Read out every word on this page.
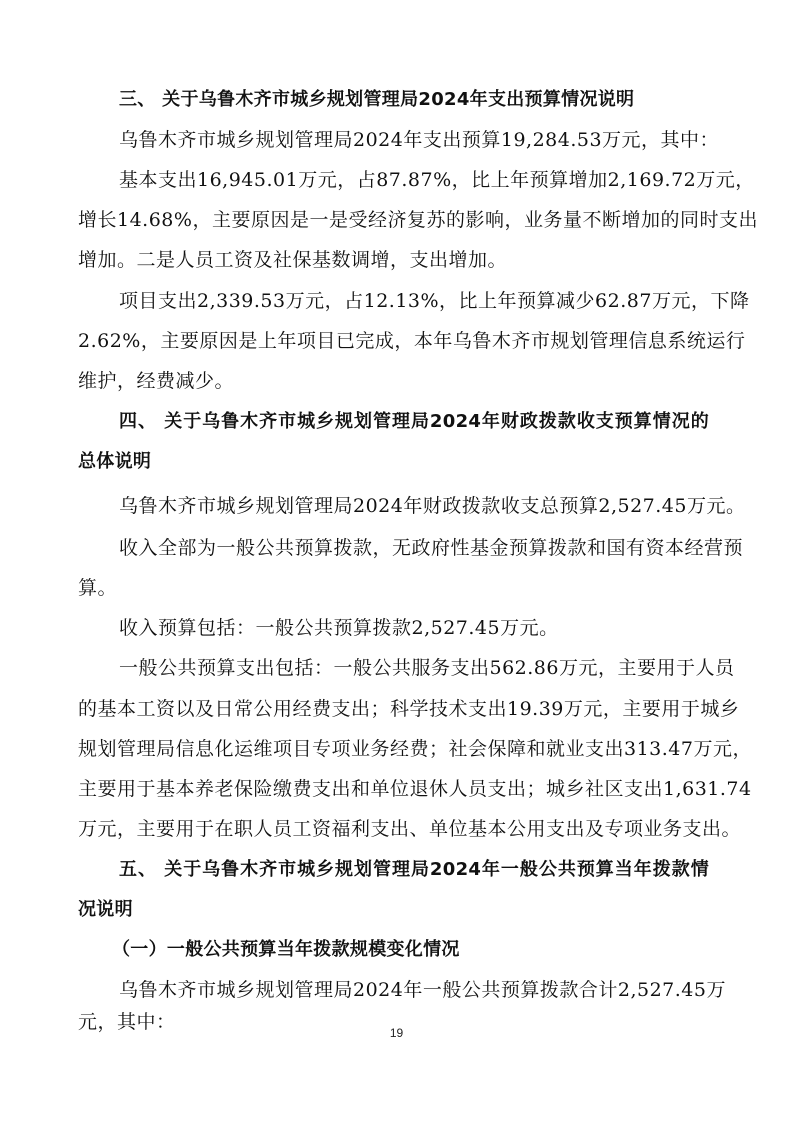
三、 关于乌鲁木齐市城乡规划管理局2024年支出预算情况说明
乌鲁木齐市城乡规划管理局2024年支出预算19,284.53万元，其中：
基本支出16,945.01万元，占87.87%，比上年预算增加2,169.72万元，
增长14.68%，主要原因是一是受经济复苏的影响，业务量不断增加的同时支出
增加。二是人员工资及社保基数调增，支出增加。
项目支出2,339.53万元，占12.13%，比上年预算减少62.87万元，下降
2.62%，主要原因是上年项目已完成，本年乌鲁木齐市规划管理信息系统运行
维护，经费减少。
四、 关于乌鲁木齐市城乡规划管理局2024年财政拨款收支预算情况的
总体说明
乌鲁木齐市城乡规划管理局2024年财政拨款收支总预算2,527.45万元。
收入全部为一般公共预算拨款，无政府性基金预算拨款和国有资本经营预
算。
收入预算包括：一般公共预算拨款2,527.45万元。
一般公共预算支出包括：一般公共服务支出562.86万元，主要用于人员
的基本工资以及日常公用经费支出；科学技术支出19.39万元，主要用于城乡
规划管理局信息化运维项目专项业务经费；社会保障和就业支出313.47万元，
主要用于基本养老保险缴费支出和单位退休人员支出；城乡社区支出1,631.74
万元，主要用于在职人员工资福利支出、单位基本公用支出及专项业务支出。
五、 关于乌鲁木齐市城乡规划管理局2024年一般公共预算当年拨款情
况说明
（一）一般公共预算当年拨款规模变化情况
乌鲁木齐市城乡规划管理局2024年一般公共预算拨款合计2,527.45万
元，其中：	19
